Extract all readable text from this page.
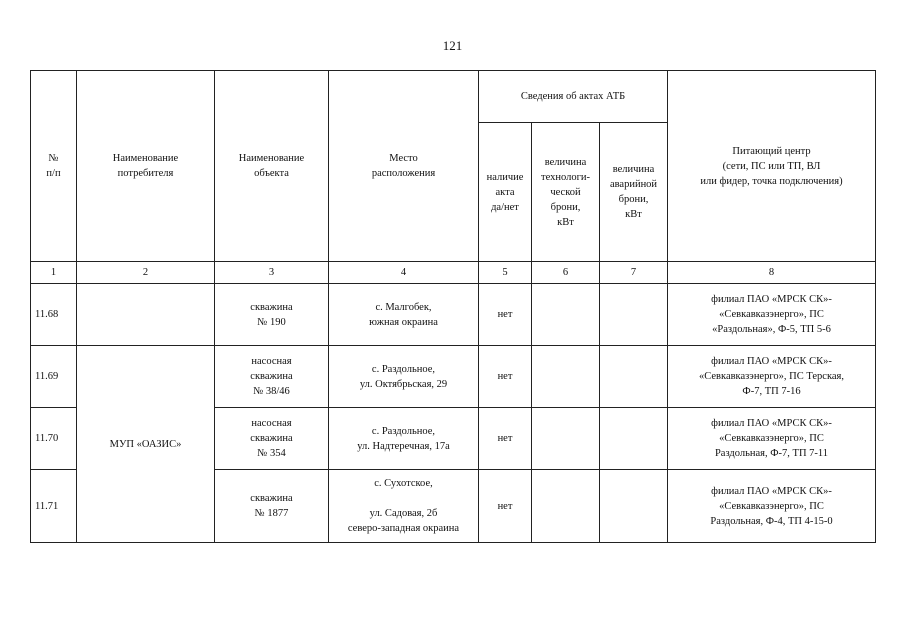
121
№
п/п	Наименование
потребителя	Наименование
объекта	Место
расположения	Сведения об актах АТБ			Питающий центр
(сети, ПС или ТП, ВЛ
или фидер, точка подключения)
				наличие
акта
да/нет	величина
технологи-
ческой
брони,
кВт	величина
аварийной
брони,
кВт	
1	2	3	4	5	6	7	8
11.68		скважина
№ 190	с. Малгобек,
южная окраина	нет			филиал ПАО «МРСК СК»-
«Севкавказэнерго», ПС
«Раздольная», Ф-5, ТП 5-6
11.69	МУП «ОАЗИС»	насосная
скважина
№ 38/46	с. Раздольное,
ул. Октябрьская, 29	нет			филиал ПАО «МРСК СК»-
«Севкавказэнерго», ПС Терская,
Ф-7, ТП 7-16
11.70		насосная
скважина
№ 354	с. Раздольное,
ул. Надтеречная, 17а	нет			филиал ПАО «МРСК СК»-
«Севкавказэнерго», ПС
Раздольная, Ф-7, ТП 7-11
11.71		скважина
№ 1877	с. Сухотское,

ул. Садовая, 2б
северо-западная окраина	нет			филиал ПАО «МРСК СК»-
«Севкавказэнерго», ПС
Раздольная, Ф-4, ТП 4-15-0
